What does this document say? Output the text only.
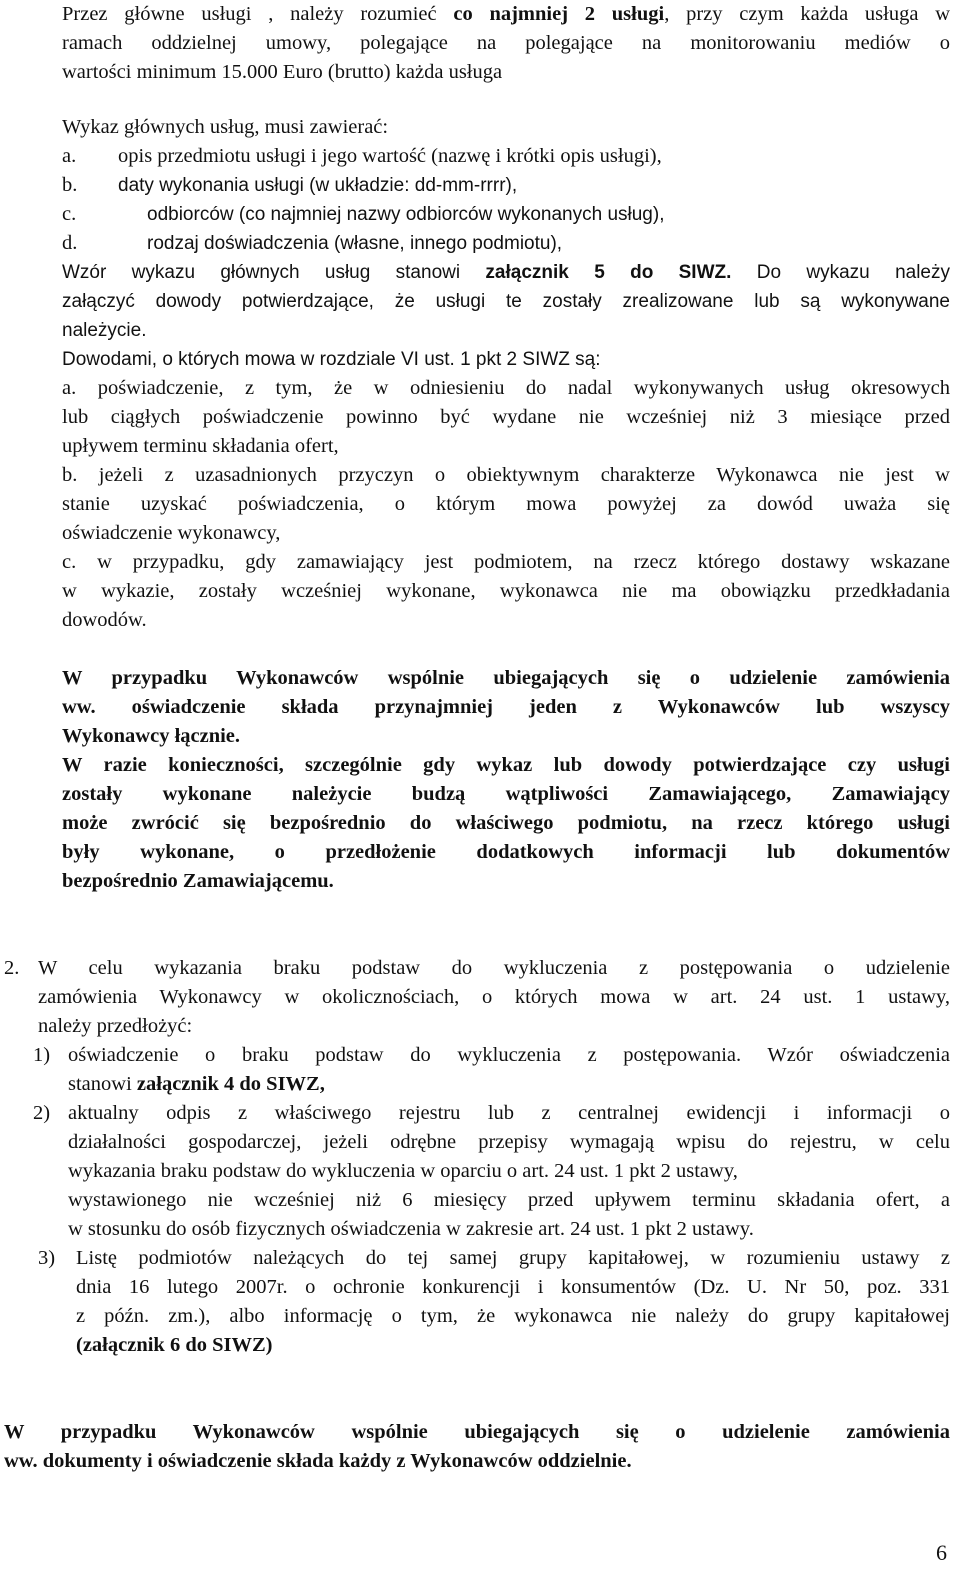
Przez główne usługi , należy rozumieć co najmniej 2 usługi, przy czym każda usługa w
ramach oddzielnej umowy, polegające na polegające na monitorowaniu mediów o
wartości minimum 15.000 Euro (brutto) każda usługa
Wykaz głównych usług, musi zawierać:
a. opis przedmiotu usługi i jego wartość (nazwę i krótki opis usługi),
b. daty wykonania usługi (w układzie: dd-mm-rrrr),
c.	odbiorców (co najmniej nazwy odbiorców wykonanych usług),
d.	rodzaj doświadczenia (własne, innego podmiotu),
Wzór wykazu głównych usług stanowi załącznik 5 do SIWZ. Do wykazu należy
załączyć dowody potwierdzające, że usługi te zostały zrealizowane lub są wykonywane
należycie.
Dowodami, o których mowa w rozdziale VI ust. 1 pkt 2 SIWZ są:
a. poświadczenie, z tym, że w odniesieniu do nadal wykonywanych usług okresowych
lub ciągłych poświadczenie powinno być wydane nie wcześniej niż 3 miesiące przed
upływem terminu składania ofert,
b. jeżeli z uzasadnionych przyczyn o obiektywnym charakterze Wykonawca nie jest w
stanie uzyskać poświadczenia, o którym mowa powyżej za dowód uważa się
oświadczenie wykonawcy,
c. w przypadku, gdy zamawiający jest podmiotem, na rzecz którego dostawy wskazane
w wykazie, zostały wcześniej wykonane, wykonawca nie ma obowiązku przedkładania
dowodów.
W przypadku Wykonawców wspólnie ubiegających się o udzielenie zamówienia
ww. oświadczenie składa przynajmniej jeden z Wykonawców lub wszyscy
Wykonawcy łącznie.
W razie konieczności, szczególnie gdy wykaz lub dowody potwierdzające czy usługi
zostały wykonane należycie budzą wątpliwości Zamawiającego, Zamawiający
może zwrócić się bezpośrednio do właściwego podmiotu, na rzecz którego usługi
były wykonane, o przedłożenie dodatkowych informacji lub dokumentów
bezpośrednio Zamawiającemu.
2. W celu wykazania braku podstaw do wykluczenia z postępowania o udzielenie
zamówienia Wykonawcy w okolicznościach, o których mowa w art. 24 ust. 1 ustawy,
należy przedłożyć:
1) oświadczenie o braku podstaw do wykluczenia z postępowania. Wzór oświadczenia
stanowi załącznik 4 do SIWZ,
2) aktualny odpis z właściwego rejestru lub z centralnej ewidencji i informacji o
działalności gospodarczej, jeżeli odrębne przepisy wymagają wpisu do rejestru, w celu
wykazania braku podstaw do wykluczenia w oparciu o art. 24 ust. 1 pkt 2 ustawy,
wystawionego nie wcześniej niż 6 miesięcy przed upływem terminu składania ofert, a
w stosunku do osób fizycznych oświadczenia w zakresie art. 24 ust. 1 pkt 2 ustawy.
3) Listę podmiotów należących do tej samej grupy kapitałowej, w rozumieniu ustawy z
dnia 16 lutego 2007r. o ochronie konkurencji i konsumentów (Dz. U. Nr 50, poz. 331
z późn. zm.), albo informację o tym, że wykonawca nie należy do grupy kapitałowej
(załącznik 6 do SIWZ)
W przypadku Wykonawców wspólnie ubiegających się o udzielenie zamówienia
ww. dokumenty i oświadczenie składa każdy z Wykonawców oddzielnie.
6
